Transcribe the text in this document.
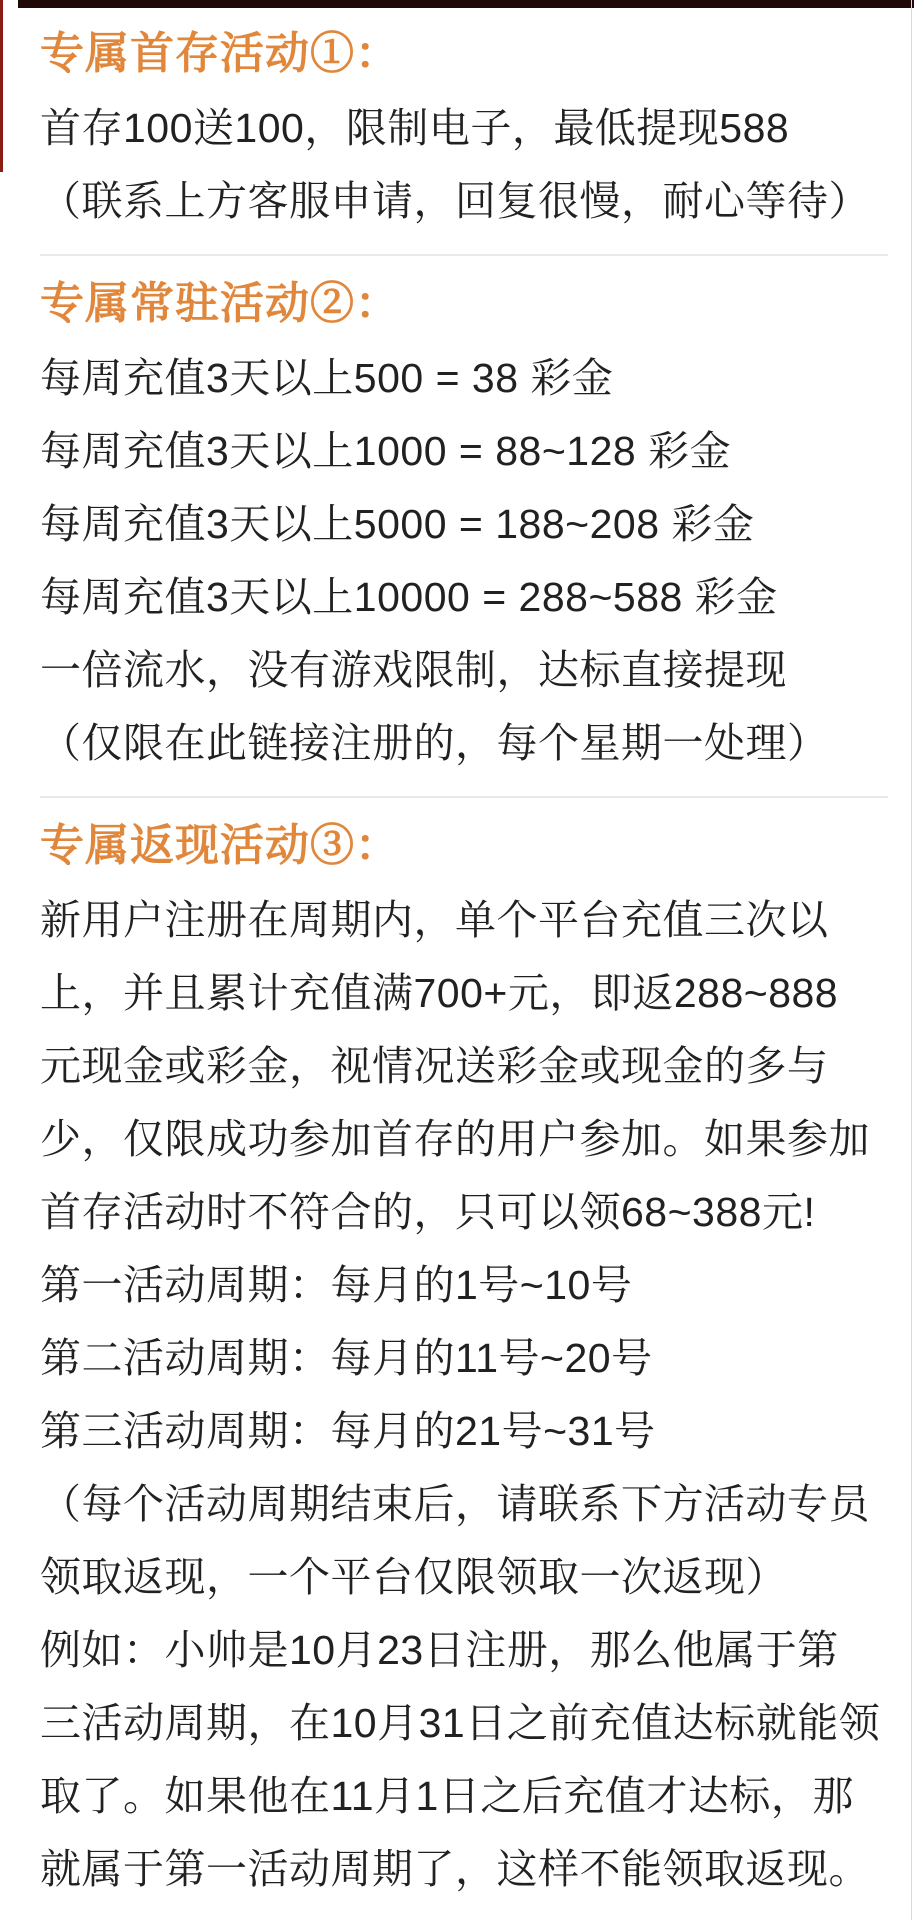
专属首存活动①：
首存100送100，限制电子，最低提现588
（联系上方客服申请，回复很慢，耐心等待）
专属常驻活动②：
每周充值3天以上500 = 38 彩金
每周充值3天以上1000 = 88~128 彩金
每周充值3天以上5000 = 188~208 彩金
每周充值3天以上10000 = 288~588 彩金
一倍流水，没有游戏限制，达标直接提现
（仅限在此链接注册的，每个星期一处理）
专属返现活动③：
新用户注册在周期内，单个平台充值三次以
上，并且累计充值满700+元，即返288~888
元现金或彩金，视情况送彩金或现金的多与
少，仅限成功参加首存的用户参加。如果参加
首存活动时不符合的，只可以领68~388元!
第一活动周期：每月的1号~10号
第二活动周期：每月的11号~20号
第三活动周期：每月的21号~31号
（每个活动周期结束后，请联系下方活动专员
领取返现，一个平台仅限领取一次返现）
例如：小帅是10月23日注册，那么他属于第
三活动周期，在10月31日之前充值达标就能领
取了。如果他在11月1日之后充值才达标，那
就属于第一活动周期了，这样不能领取返现。
